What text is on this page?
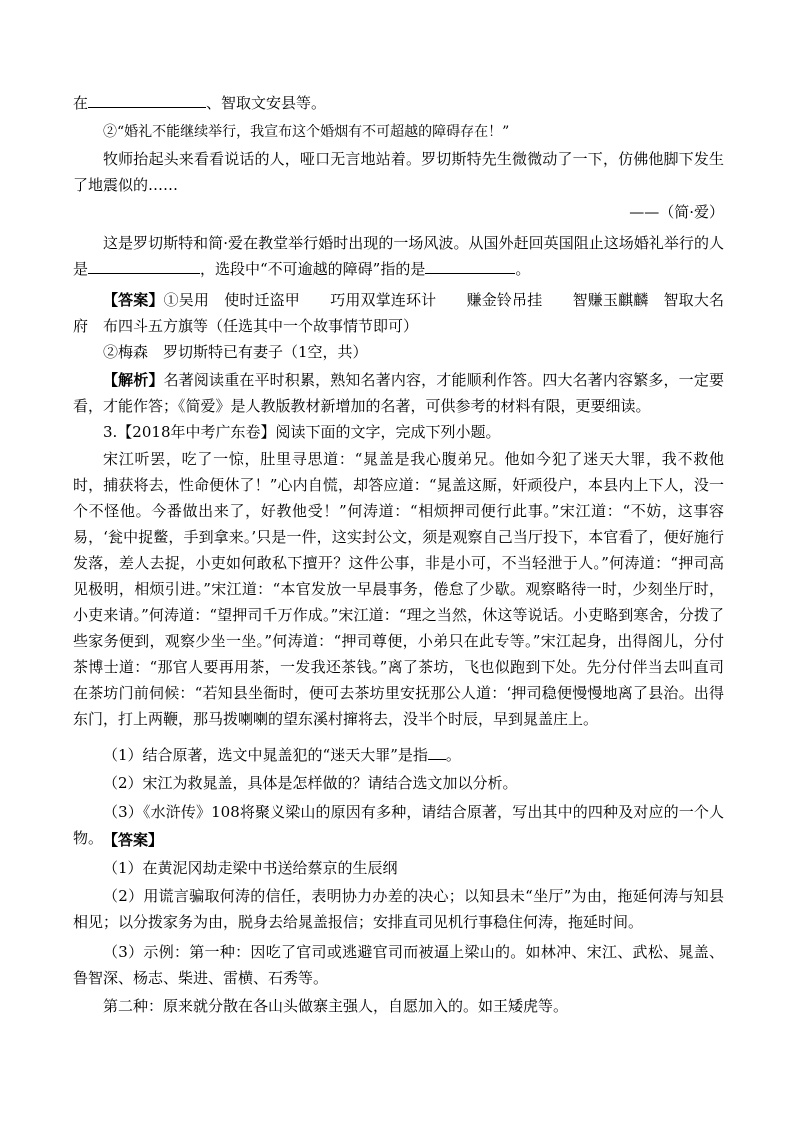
在	、智取文安县等。

②“婚礼不能继续举行，我宣布这个婚烟有不可超越的障碍存在！”

牧师抬起头来看看说话的人，哑口无言地站着。罗切斯特先生微微动了一下，仿佛他脚下发生了地震似的……

——（简·爱）

这是罗切斯特和简·爱在教堂举行婚时出现的一场风波。从国外赶回英国阻止这场婚礼举行的人是	，选段中“不可逾越的障碍”指的是	。

【答案】①吴用　使时迁盗甲　　巧用双掌连环计　　赚金铃吊挂　　智赚玉麒麟　智取大名府　布四斗五方旗等（任选其中一个故事情节即可）

②梅森　罗切斯特已有妻子（1空，共）

【解析】名著阅读重在平时积累，熟知名著内容，才能顺利作答。四大名著内容繁多，一定要看，才能作答；《简爱》是人教版教材新增加的名著，可供参考的材料有限，更要细读。

3.【2018年中考广东卷】阅读下面的文字，完成下列小题。

宋江听罢，吃了一惊，肚里寻思道：“晁盖是我心腹弟兄。他如今犯了迷天大罪，我不救他时，捕获将去，性命便休了！”心内自慌，却答应道：“晁盖这厮，奸顽役户，本县内上下人，没一个不怪他。今番做出来了，好教他受！”何涛道：“相烦押司便行此事。”宋江道：“不妨，这事容易，‘瓮中捉鳖，手到拿来。’只是一件，这实封公文，须是观察自己当厅投下，本官看了，便好施行发落，差人去捉，小吏如何敢私下擅开？这件公事，非是小可，不当轻泄于人。”何涛道：“押司高见极明，相烦引进。”宋江道：“本官发放一早晨事务，倦怠了少歇。观察略待一时，少刻坐厅时，小吏来请。”何涛道：“望押司千万作成。”宋江道：“理之当然，休这等说话。小吏略到寒舍，分拨了些家务便到，观察少坐一坐。”何涛道：“押司尊便，小弟只在此专等。”宋江起身，出得阁儿，分付茶博士道：“那官人要再用茶，一发我还茶钱。”离了茶坊，飞也似跑到下处。先分付伴当去叫直司在茶坊门前伺候：“若知县坐衙时，便可去茶坊里安抚那公人道：‘押司稳便慢慢地离了县治。出得东门，打上两鞭，那马拨喇喇的望东溪村撺将去，没半个时辰，早到晁盖庄上。

（1）结合原著，选文中晁盖犯的“迷天大罪”是指 。

（2）宋江为救晁盖，具体是怎样做的？请结合选文加以分析。

（3）《水浒传》108将聚义梁山的原因有多种，请结合原著，写出其中的四种及对应的一个人物。 【答案】

（1）在黄泥冈劫走梁中书送给蔡京的生辰纲

（2）用谎言骗取何涛的信任，表明协力办差的决心；以知县未“坐厅”为由，拖延何涛与知县相见；以分拨家务为由，脱身去给晁盖报信；安排直司见机行事稳住何涛，拖延时间。

（3）示例：第一种：因吃了官司或逃避官司而被逼上梁山的。如林冲、宋江、武松、晁盖、鲁智深、杨志、柴进、雷横、石秀等。

第二种：原来就分散在各山头做寨主强人，自愿加入的。如王矮虎等。
